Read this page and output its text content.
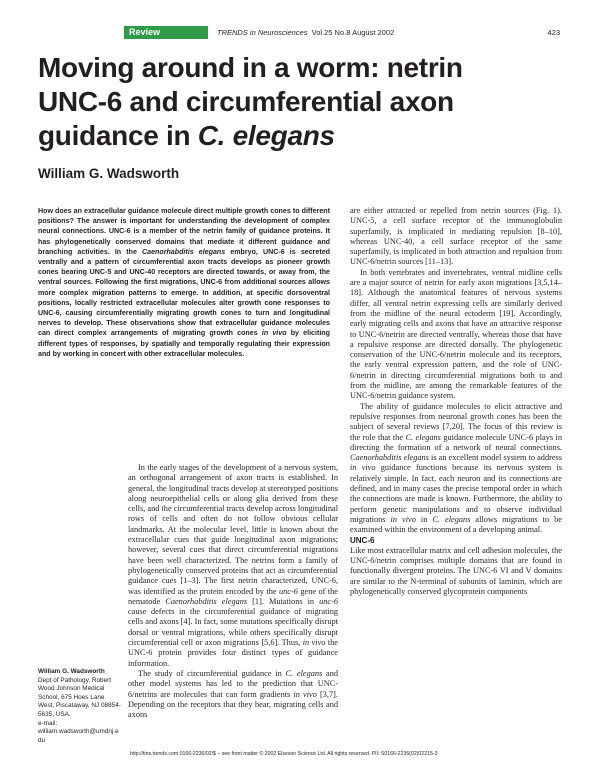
Review	TRENDS in Neurosciences Vol.25 No.8 August 2002	423
Moving around in a worm: netrin
UNC-6 and circumferential axon
guidance in C. elegans
William G. Wadsworth
How does an extracellular guidance molecule direct multiple growth cones to different positions? The answer is important for understanding the development of complex neural connections. UNC-6 is a member of the netrin family of guidance proteins. It has phylogenetically conserved domains that mediate it different guidance and branching activities. In the Caenorhabditis elegans embryo, UNC-6 is secreted ventrally and a pattern of circumferential axon tracts develops as pioneer growth cones bearing UNC-5 and UNC-40 receptors are directed towards, or away from, the ventral sources. Following the first migrations, UNC-6 from additional sources allows more complex migration patterns to emerge. In addition, at specific dorsoventral positions, locally restricted extracellular molecules alter growth cone responses to UNC-6, causing circumferentially migrating growth cones to turn and longitudinal nerves to develop. These observations show that extracellular guidance molecules can direct complex arrangements of migrating growth cones in vivo by eliciting different types of responses, by spatially and temporally regulating their expression and by working in concert with other extracellular molecules.

In the early stages of the development of a nervous system, an orthogonal arrangement of axon tracts is established. In general, the longitudinal tracts develop at stereotyped positions along neuroepithelial cells or along glia derived from these cells, and the circumferential tracts develop across longitudinal rows of cells and often do not follow obvious cellular landmarks. At the molecular level, little is known about the extracellular cues that guide longitudinal axon migrations; however, several cues that direct circumferential migrations have been well characterized. The netrins form a family of phylogenetically conserved proteins that act as circumferential guidance cues [1–3]. The first netrin characterized, UNC-6, was identified as the protein encoded by the unc-6 gene of the nematode Caenorhabditis elegans [1]. Mutations in unc-6 cause defects in the circumferential guidance of migrating cells and axons [4]. In fact, some mutations specifically disrupt dorsal or ventral migrations, while others specifically disrupt circumferential cell or axon migrations [5,6]. Thus, in vivo the UNC-6 protein provides four distinct types of guidance information.

The study of circumferential guidance in C. elegans and other model systems has led to the prediction that UNC-6/netrins are molecules that can form gradients in vivo [3,7]. Depending on the receptors that they bear, migrating cells and axons

are either attracted or repelled from netrin sources (Fig. 1). UNC-5, a cell surface receptor of the immunoglobulin superfamily, is implicated in mediating repulsion [8–10], whereas UNC-40, a cell surface receptor of the same superfamily, is implicated in both attraction and repulsion from UNC-6/netrin sources [11–13].

In both vertebrates and invertebrates, ventral midline cells are a major source of netrin for early axon migrations [3,5,14–18]. Although the anatomical features of nervous systems differ, all ventral netrin expressing cells are similarly derived from the midline of the neural ectoderm [19]. Accordingly, early migrating cells and axons that have an attractive response to UNC-6/netrin are directed ventrally, whereas those that have a repulsive response are directed dorsally. The phylogenetic conservation of the UNC-6/netrin molecule and its receptors, the early ventral expression pattern, and the role of UNC-6/netrin in directing circumferential migrations both to and from the midline, are among the remarkable features of the UNC-6/netrin guidance system.

The ability of guidance molecules to elicit attractive and repulsive responses from neuronal growth cones has been the subject of several reviews [7,20]. The focus of this review is the role that the C. elegans guidance molecule UNC-6 plays in directing the formation of a network of neural connections. Caenorhabditis elegans is an excellent model system to address in vivo guidance functions because its nervous system is relatively simple. In fact, each neuron and its connections are defined, and in many cases the precise temporal order in which the connections are made is known. Furthermore, the ability to perform genetic manipulations and to observe individual migrations in vivo in C. elegans allows migrations to be examined within the environment of a developing animal.

UNC-6

Like most extracellular matrix and cell adhesion molecules, the UNC-6/netrin comprises multiple domains that are found in functionally divergent proteins. The UNC-6 VI and V domains are similar to the N-terminal of subunits of laminin, which are phylogenetically conserved glycoprotein components

William G. Wadsworth
Dept of Pathology, Robert Wood Johnson Medical School, 675 Hoes Lane West, Piscataway, NJ 08854-5635, USA.
e-mail:
william.wadsworth@umdnj.edu
http://tins.trends.com 0166-2236/02/$ – see front matter © 2002 Elsevier Science Ltd. All rights reserved. PII: S0166-2236(02)02215-3
